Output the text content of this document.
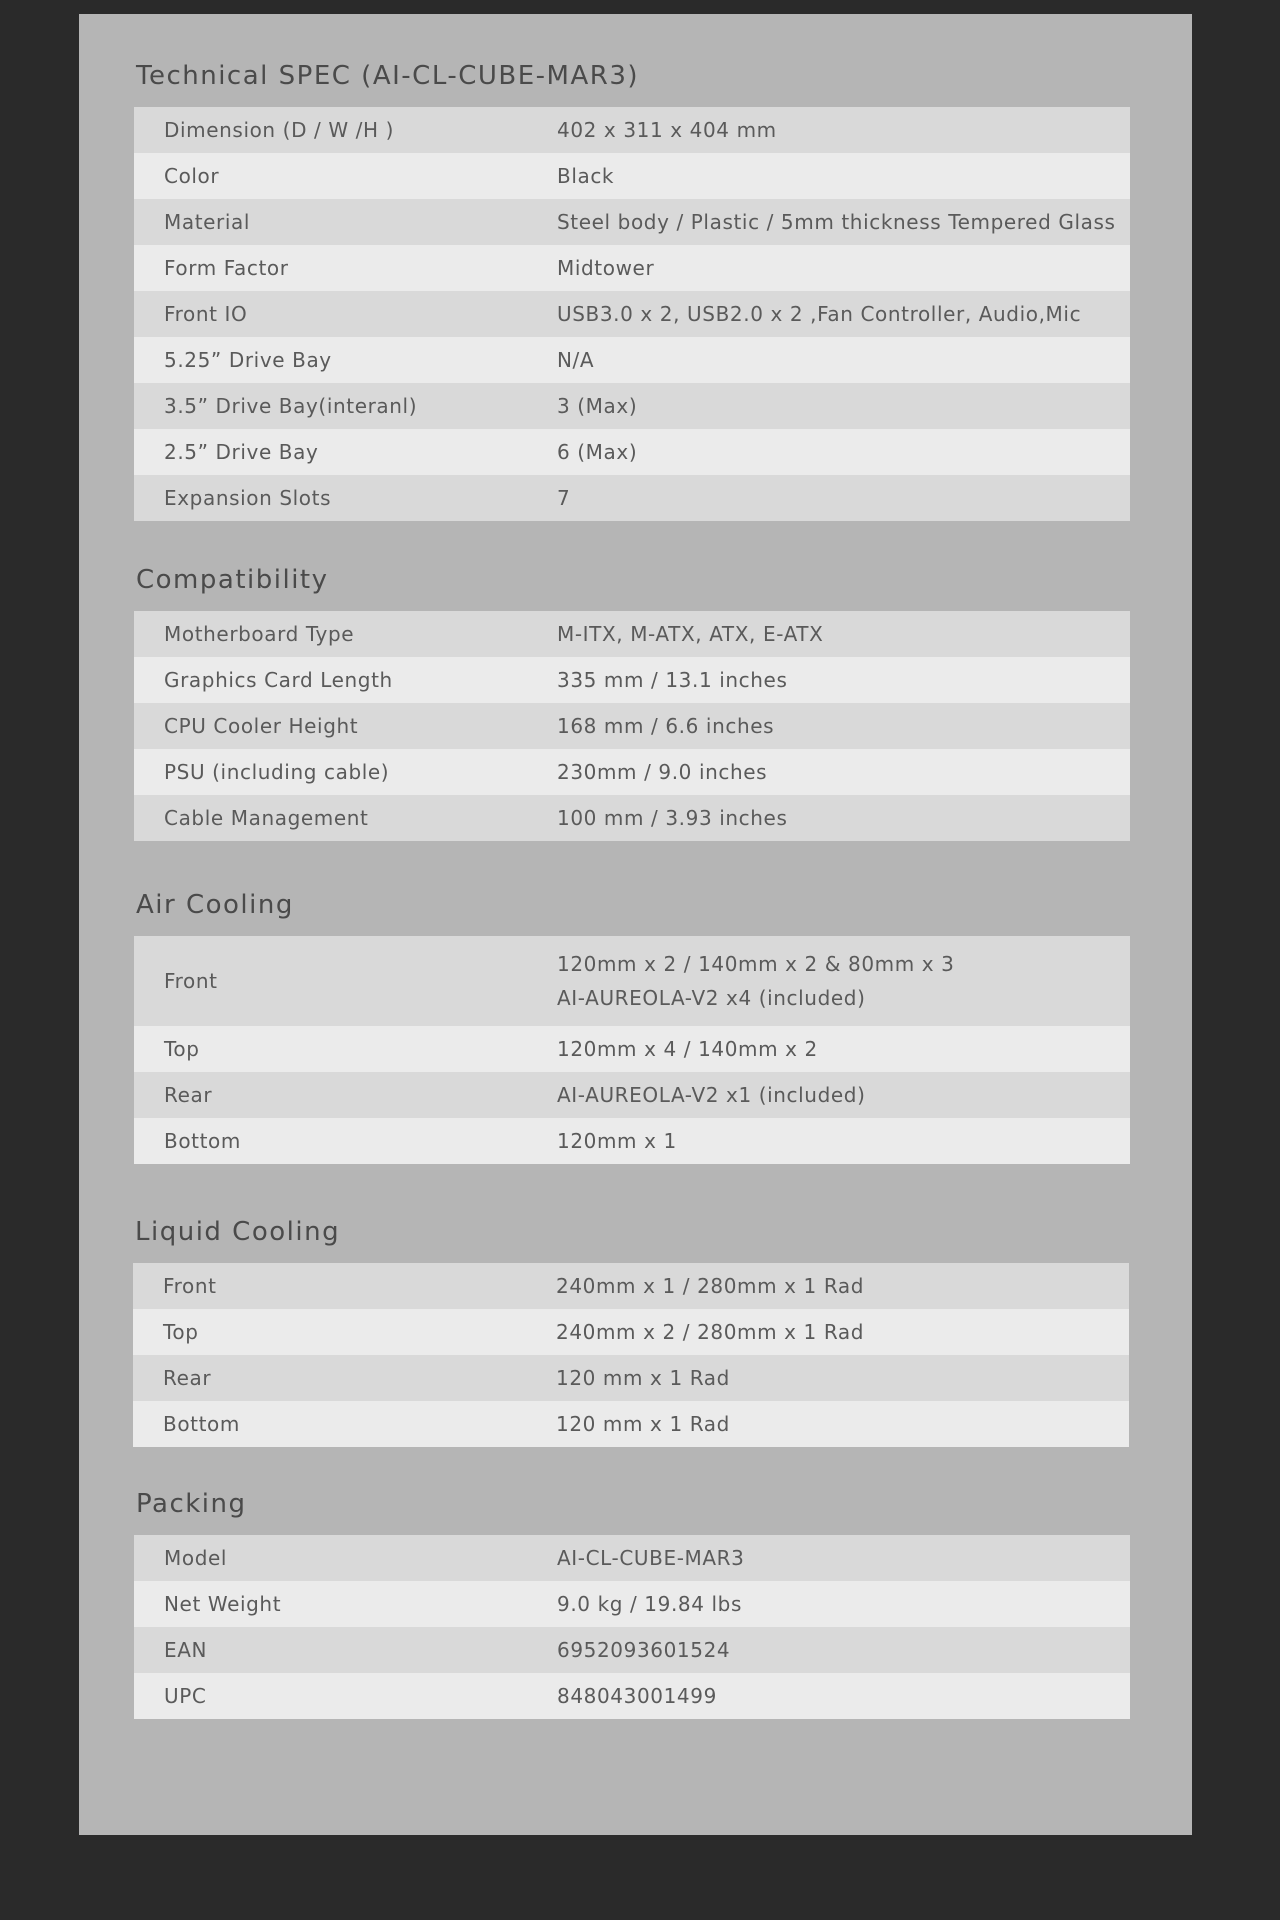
Technical SPEC (AI-CL-CUBE-MAR3)
Dimension (D / W /H )	402 x 311 x 404 mm
Color	Black
Material	Steel body / Plastic / 5mm thickness Tempered Glass
Form Factor	Midtower
Front IO	USB3.0 x 2, USB2.0 x 2 ,Fan Controller, Audio,Mic
5.25” Drive Bay	N/A
3.5” Drive Bay(interanl)	3 (Max)
2.5” Drive Bay	6 (Max)
Expansion Slots	7
Compatibility
Motherboard Type	M-ITX, M-ATX, ATX, E-ATX
Graphics Card Length	335 mm / 13.1 inches
CPU Cooler Height	168 mm / 6.6 inches
PSU (including cable)	230mm / 9.0 inches
Cable Management	100 mm / 3.93 inches
Air Cooling
Front	120mm x 2 / 140mm x 2 & 80mm x 3
AI-AUREOLA-V2 x4 (included)

Top	120mm x 4 / 140mm x 2
Rear	AI-AUREOLA-V2 x1 (included)
Bottom	120mm x 1
Liquid Cooling
Front	240mm x 1 / 280mm x 1 Rad
Top	240mm x 2 / 280mm x 1 Rad
Rear	120 mm x 1 Rad
Bottom	120 mm x 1 Rad
Packing
Model	AI-CL-CUBE-MAR3
Net Weight	9.0 kg / 19.84 lbs
EAN	6952093601524
UPC	848043001499
